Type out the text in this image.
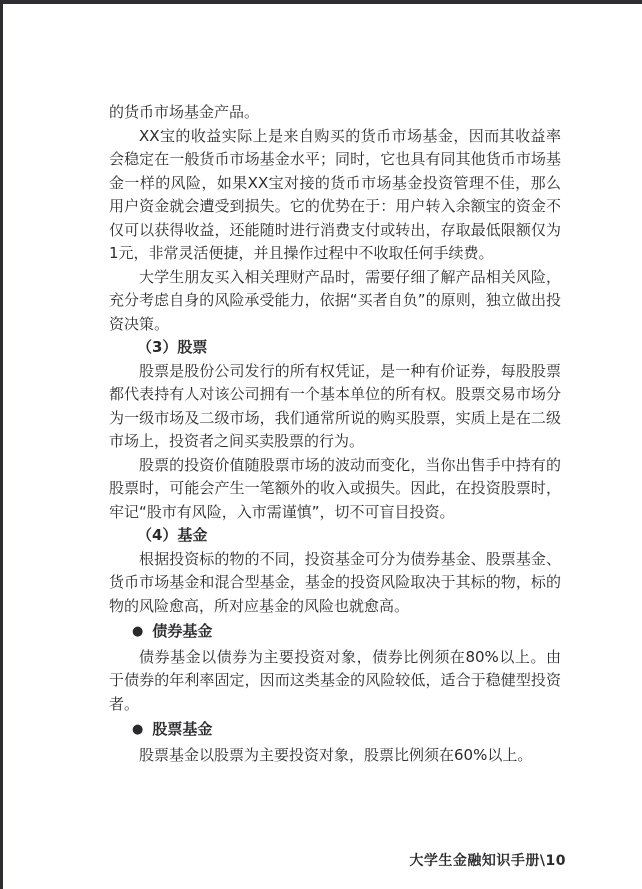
的货币市场基金产品。

XX宝的收益实际上是来自购买的货币市场基金，因而其收益率会稳定在一般货币市场基金水平；同时，它也具有同其他货币市场基金一样的风险，如果XX宝对接的货币市场基金投资管理不佳，那么用户资金就会遭受到损失。它的优势在于：用户转入余额宝的资金不仅可以获得收益，还能随时进行消费支付或转出，存取最低限额仅为1元，非常灵活便捷，并且操作过程中不收取任何手续费。

大学生朋友买入相关理财产品时，需要仔细了解产品相关风险，充分考虑自身的风险承受能力，依据“买者自负”的原则，独立做出投资决策。

（3）股票

股票是股份公司发行的所有权凭证，是一种有价证券，每股股票都代表持有人对该公司拥有一个基本单位的所有权。股票交易市场分为一级市场及二级市场，我们通常所说的购买股票，实质上是在二级市场上，投资者之间买卖股票的行为。

股票的投资价值随股票市场的波动而变化，当你出售手中持有的股票时，可能会产生一笔额外的收入或损失。因此，在投资股票时，牢记“股市有风险，入市需谨慎”，切不可盲目投资。

（4）基金

根据投资标的物的不同，投资基金可分为债券基金、股票基金、货币市场基金和混合型基金，基金的投资风险取决于其标的物，标的物的风险愈高，所对应基金的风险也就愈高。

● 债券基金

债券基金以债券为主要投资对象，债券比例须在80%以上。由于债券的年利率固定，因而这类基金的风险较低，适合于稳健型投资者。

● 股票基金

股票基金以股票为主要投资对象，股票比例须在60%以上。

大学生金融知识手册\10
